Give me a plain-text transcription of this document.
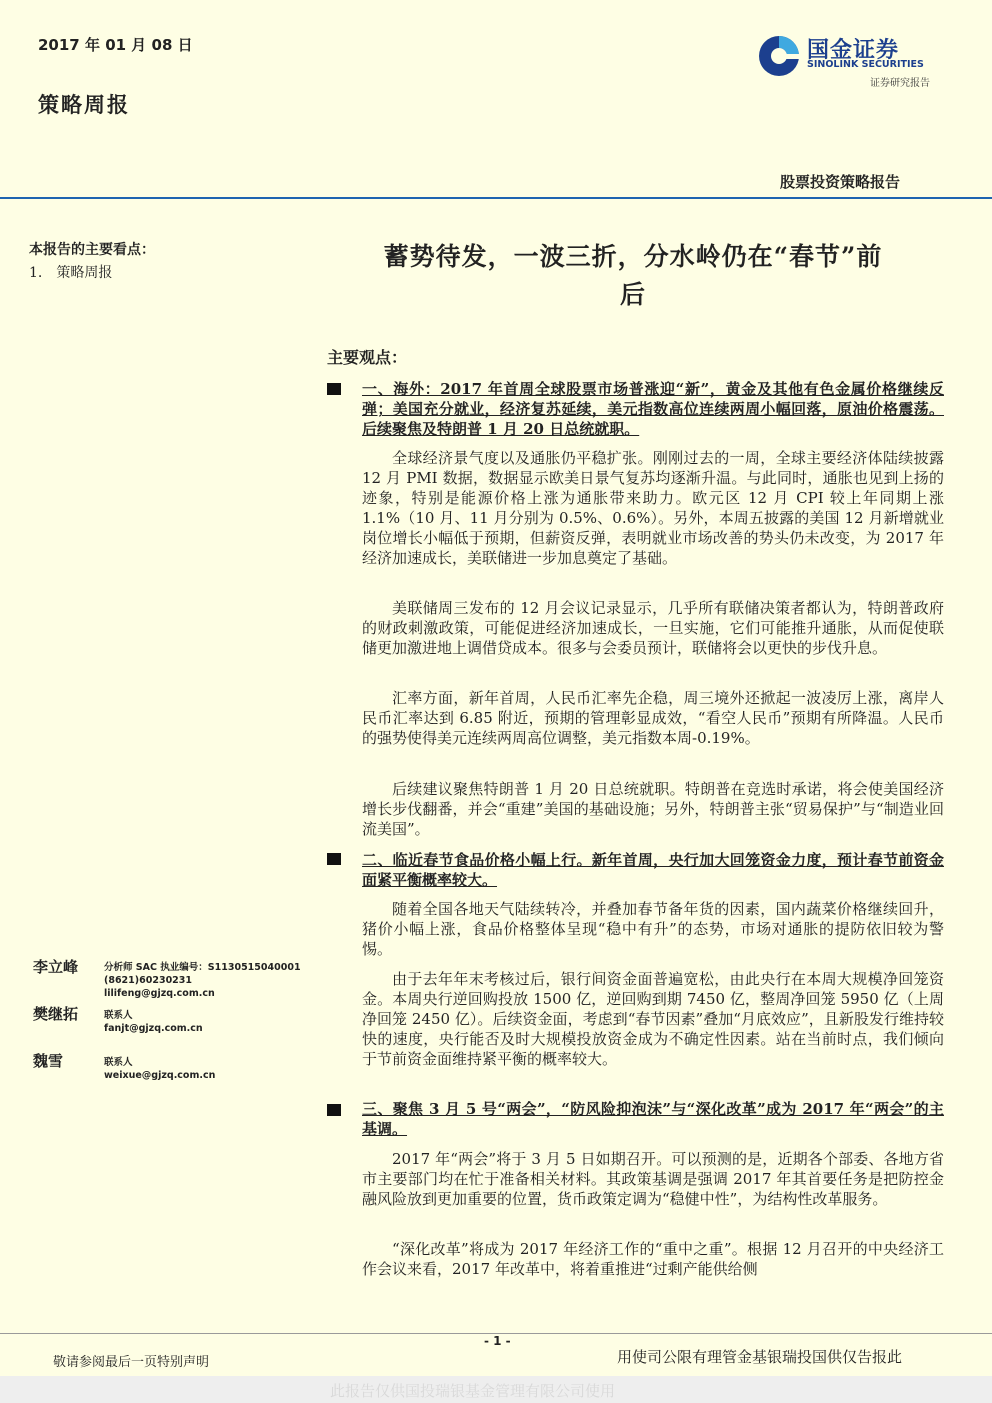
2017 年 01 月 08 日
策略周报
国金证券
SINOLINK SECURITIES
证券研究报告
股票投资策略报告
本报告的主要看点：
1.　策略周报
李立峰	分析师 SAC 执业编号：S1130515040001
(8621)60230231
lilifeng@gjzq.com.cn
樊继拓	联系人
fanjt@gjzq.com.cn
魏雪	联系人
weixue@gjzq.com.cn
蓄势待发，一波三折，分水岭仍在“春节”前
后
主要观点：
一、海外：2017 年首周全球股票市场普涨迎“新”，黄金及其他有色金属价格继续反弹；美国充分就业，经济复苏延续，美元指数高位连续两周小幅回落，原油价格震荡。后续聚焦及特朗普 1 月 20 日总统就职。
全球经济景气度以及通胀仍平稳扩张。刚刚过去的一周，全球主要经济体陆续披露 12 月 PMI 数据，数据显示欧美日景气复苏均逐渐升温。与此同时，通胀也见到上扬的迹象，特别是能源价格上涨为通胀带来助力。欧元区 12 月 CPI 较上年同期上涨 1.1%（10 月、11 月分别为 0.5%、0.6%）。另外，本周五披露的美国 12 月新增就业岗位增长小幅低于预期，但薪资反弹，表明就业市场改善的势头仍未改变，为 2017 年经济加速成长，美联储进一步加息奠定了基础。
美联储周三发布的 12 月会议记录显示，几乎所有联储决策者都认为，特朗普政府的财政刺激政策，可能促进经济加速成长，一旦实施，它们可能推升通胀，从而促使联储更加激进地上调借贷成本。很多与会委员预计，联储将会以更快的步伐升息。
汇率方面，新年首周，人民币汇率先企稳，周三境外还掀起一波凌厉上涨，离岸人民币汇率达到 6.85 附近，预期的管理彰显成效，“看空人民币”预期有所降温。人民币的强势使得美元连续两周高位调整，美元指数本周-0.19%。
后续建议聚焦特朗普 1 月 20 日总统就职。特朗普在竞选时承诺，将会使美国经济增长步伐翻番，并会“重建”美国的基础设施；另外，特朗普主张“贸易保护”与“制造业回流美国”。
二、临近春节食品价格小幅上行。新年首周，央行加大回笼资金力度，预计春节前资金面紧平衡概率较大。
随着全国各地天气陆续转冷，并叠加春节备年货的因素，国内蔬菜价格继续回升，猪价小幅上涨，食品价格整体呈现“稳中有升”的态势，市场对通胀的提防依旧较为警惕。
由于去年年末考核过后，银行间资金面普遍宽松，由此央行在本周大规模净回笼资金。本周央行逆回购投放 1500 亿，逆回购到期 7450 亿，整周净回笼 5950 亿（上周净回笼 2450 亿）。后续资金面，考虑到“春节因素”叠加“月底效应”，且新股发行维持较快的速度，央行能否及时大规模投放资金成为不确定性因素。站在当前时点，我们倾向于节前资金面维持紧平衡的概率较大。
三、聚焦 3 月 5 号“两会”，“防风险抑泡沫”与“深化改革”成为 2017 年“两会”的主基调。
2017 年“两会”将于 3 月 5 日如期召开。可以预测的是，近期各个部委、各地方省市主要部门均在忙于准备相关材料。其政策基调是强调 2017 年其首要任务是把防控金融风险放到更加重要的位置，货币政策定调为“稳健中性”，为结构性改革服务。
“深化改革”将成为 2017 年经济工作的“重中之重”。根据 12 月召开的中央经济工作会议来看，2017 年改革中，将着重推进“过剩产能供给侧
- 1 -
敬请参阅最后一页特别声明	用使司公限有理管金基银瑞投国供仅告报此
此报告仅供国投瑞银基金管理有限公司使用
